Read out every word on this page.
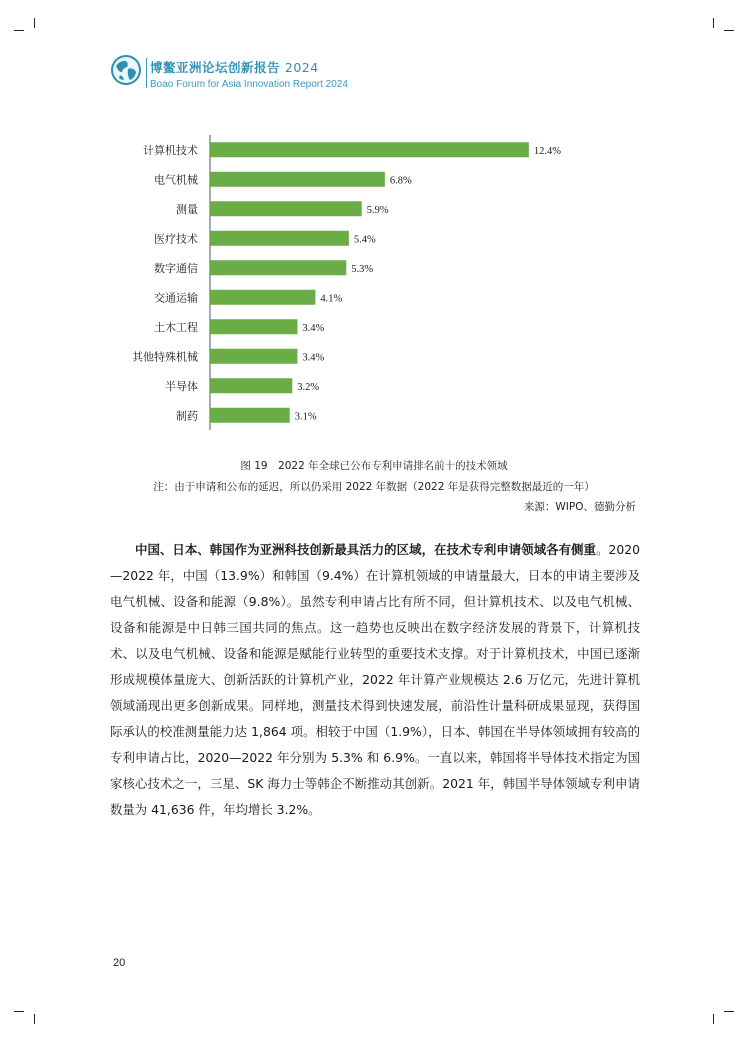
博鳌亚洲论坛创新报告 2024
Boao Forum for Asia Innovation Report 2024
计算机技术	12.4%
电气机械	6.8%
测量	5.9%
医疗技术	5.4%
数字通信	5.3%
交通运输	4.1%
土木工程	3.4%
其他特殊机械	3.4%
半导体	3.2%
制药	3.1%
图 19　2022 年全球已公布专利申请排名前十的技术领域
注：由于申请和公布的延迟，所以仍采用 2022 年数据（2022 年是获得完整数据最近的一年）
来源：WIPO、德勤分析

中国、日本、韩国作为亚洲科技创新最具活力的区域，在技术专利申请领域各有侧重。2020—2022 年，中国（13.9%）和韩国（9.4%）在计算机领域的申请量最大，日本的申请主要涉及电气机械、设备和能源（9.8%）。虽然专利申请占比有所不同，但计算机技术、以及电气机械、设备和能源是中日韩三国共同的焦点。这一趋势也反映出在数字经济发展的背景下，计算机技术、以及电气机械、设备和能源是赋能行业转型的重要技术支撑。对于计算机技术，中国已逐渐形成规模体量庞大、创新活跃的计算机产业，2022 年计算产业规模达 2.6 万亿元，先进计算机领域涌现出更多创新成果。同样地，测量技术得到快速发展，前沿性计量科研成果显现，获得国际承认的校准测量能力达 1,864 项。相较于中国（1.9%），日本、韩国在半导体领域拥有较高的专利申请占比，2020—2022 年分别为 5.3% 和 6.9%。一直以来，韩国将半导体技术指定为国家核心技术之一，三星、SK 海力士等韩企不断推动其创新。2021 年，韩国半导体领域专利申请数量为 41,636 件，年均增长 3.2%。

20
